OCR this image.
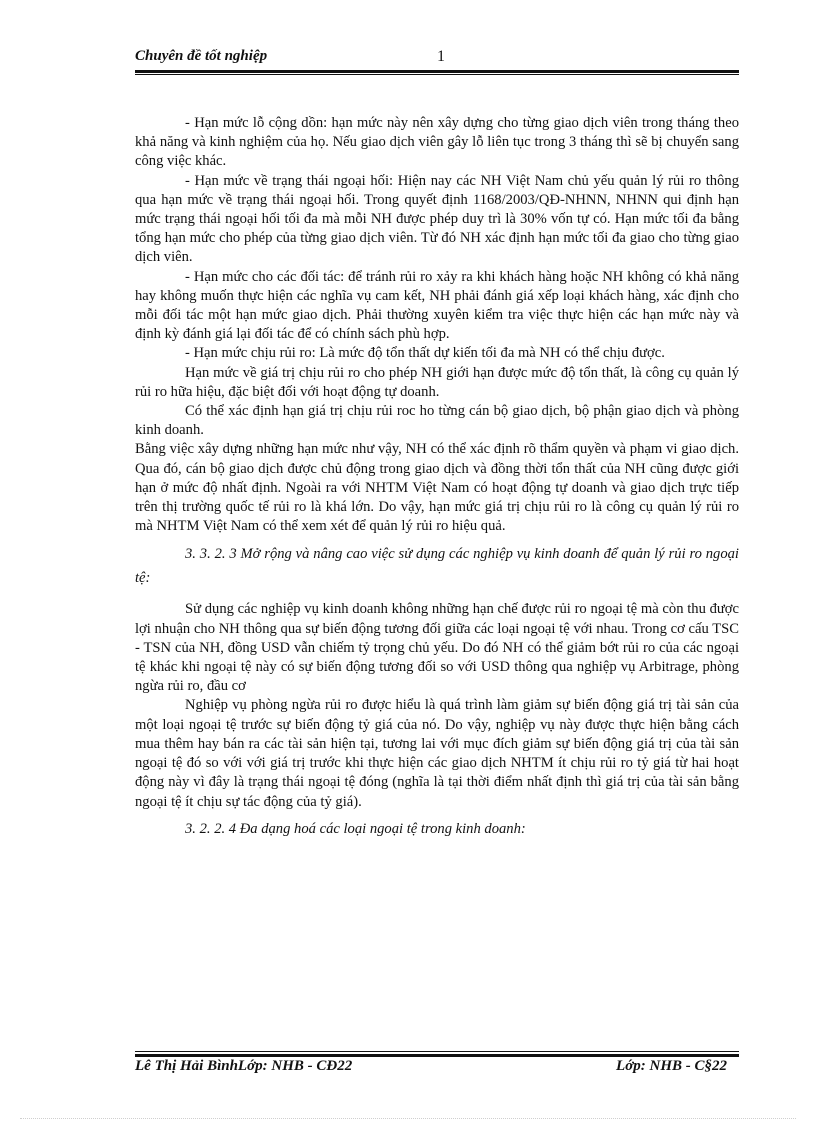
Chuyên đề tốt nghiệp	1

- Hạn mức lỗ cộng dồn: hạn mức này nên xây dựng cho từng giao dịch viên trong tháng theo khả năng và kinh nghiệm của họ. Nếu giao dịch viên gây lỗ liên tục trong 3 tháng thì sẽ bị chuyển sang công việc khác.

- Hạn mức về trạng thái ngoại hối: Hiện nay các NH Việt Nam chủ yếu quản lý rủi ro thông qua hạn mức về trạng thái ngoại hối. Trong quyết định 1168/2003/QĐ-NHNN, NHNN qui định hạn mức trạng thái ngoại hối tối đa mà mỗi NH được phép duy trì là 30% vốn tự có. Hạn mức tối đa bằng tổng hạn mức cho phép của từng giao dịch viên. Từ đó NH xác định hạn mức tối đa giao cho từng giao dịch viên.

- Hạn mức cho các đối tác: để tránh rủi ro xảy ra khi khách hàng hoặc NH không có khả năng hay không muốn thực hiện các nghĩa vụ cam kết, NH phải đánh giá xếp loại khách hàng, xác định cho mỗi đối tác một hạn mức giao dịch. Phải thường xuyên kiểm tra việc thực hiện các hạn mức này và định kỳ đánh giá lại đối tác để có chính sách phù hợp.

- Hạn mức chịu rủi ro: Là mức độ tổn thất dự kiến tối đa mà NH có thể chịu được.

Hạn mức về giá trị chịu rủi ro cho phép NH giới hạn được mức độ tổn thất, là công cụ quản lý rủi ro hữa hiệu, đặc biệt đối với hoạt động tự doanh.

Có thể xác định hạn giá trị chịu rủi roc ho từng cán bộ giao dịch, bộ phận giao dịch và phòng kinh doanh.

Bằng việc xây dựng những hạn mức như vậy, NH có thể xác định rõ thẩm quyền và phạm vi giao dịch. Qua đó, cán bộ giao dịch được chủ động trong giao dịch và đồng thời tổn thất của NH cũng được giới hạn ở mức độ nhất định. Ngoài ra với NHTM Việt Nam có hoạt động tự doanh và giao dịch trực tiếp trên thị trường quốc tế rủi ro là khá lớn. Do vậy, hạn mức giá trị chịu rủi ro là công cụ quản lý rủi ro mà NHTM Việt Nam có thể xem xét để quản lý rủi ro hiệu quả.

3. 3. 2. 3 Mở rộng và nâng cao việc sử dụng các nghiệp vụ kinh doanh để quản lý rủi ro ngoại tệ:

Sử dụng các nghiệp vụ kinh doanh không những hạn chế được rủi ro ngoại tệ mà còn thu được lợi nhuận cho NH thông qua sự biến động tương đối giữa các loại ngoại tệ với nhau. Trong cơ cấu TSC - TSN của NH, đồng USD vẫn chiếm tỷ trọng chủ yếu. Do đó NH có thể giảm bớt rủi ro của các ngoại tệ khác khi ngoại tệ này có sự biến động tương đối so với USD thông qua nghiệp vụ Arbitrage, phòng ngừa rủi ro, đầu cơ

Nghiệp vụ phòng ngừa rủi ro được hiểu là quá trình làm giảm sự biến động giá trị tài sản của một loại ngoại tệ trước sự biến động tỷ giá của nó. Do vậy, nghiệp vụ này được thực hiện bằng cách mua thêm hay bán ra các tài sản hiện tại, tương lai với mục đích giảm sự biến động giá trị của tài sản ngoại tệ đó so với với giá trị trước khi thực hiện các giao dịch NHTM ít chịu rủi ro tỷ giá từ hai hoạt động này vì đây là trạng thái ngoại tệ đóng (nghĩa là tại thời điểm nhất định thì giá trị của tài sản bằng ngoại tệ ít chịu sự tác động của tỷ giá).

3. 2. 2. 4 Đa dạng hoá các loại ngoại tệ trong kinh doanh:

Lê Thị Hải BìnhLớp: NHB - CĐ22	Lớp: NHB - C§22
